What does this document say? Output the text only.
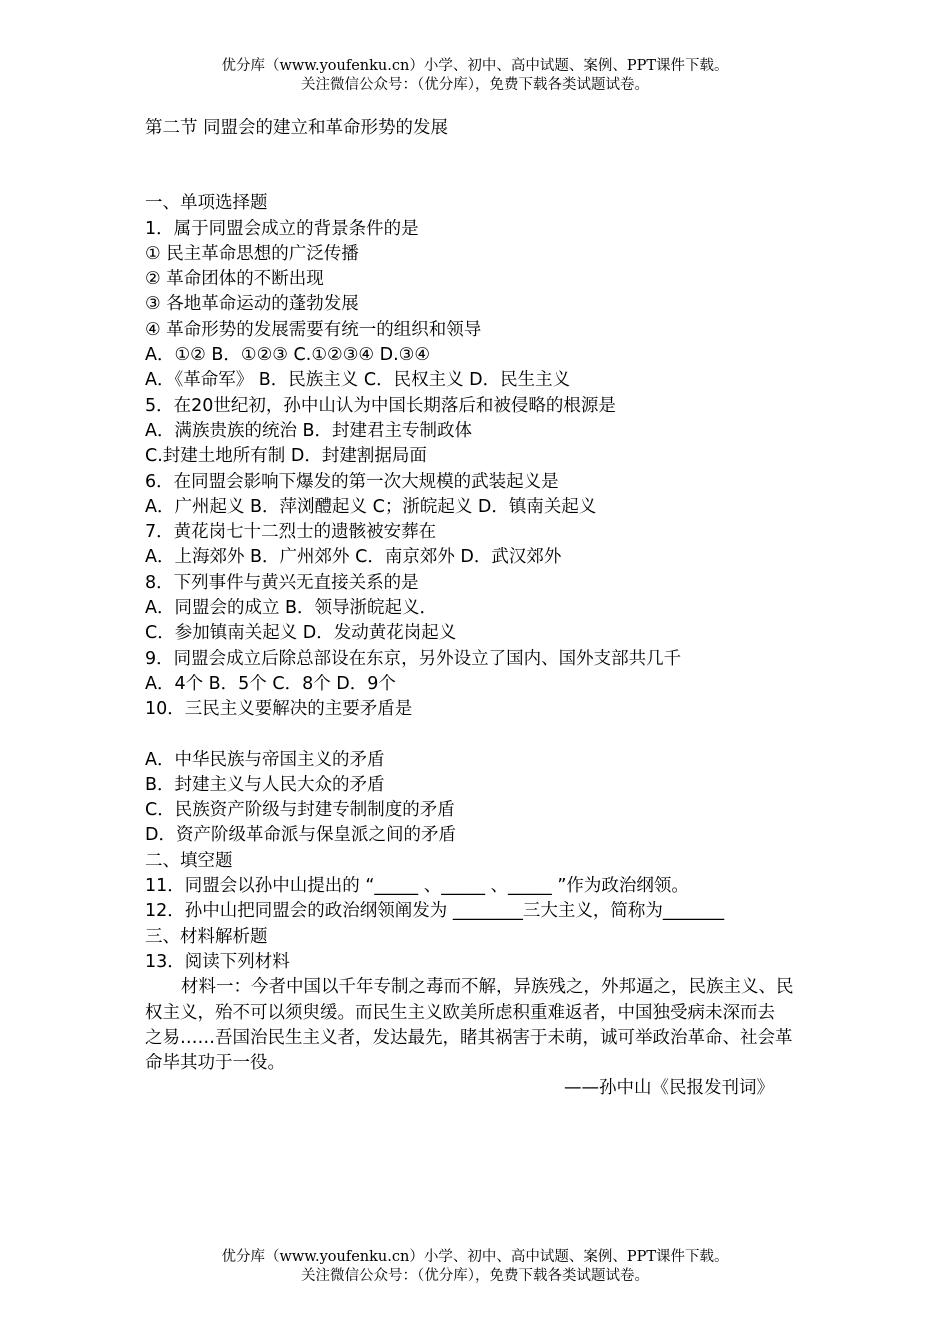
优分库（www.youfenku.cn）小学、初中、高中试题、案例、PPT课件下载。
关注微信公众号：（优分库），免费下载各类试题试卷。

第二节 同盟会的建立和革命形势的发展

一、单项选择题

1．属于同盟会成立的背景条件的是

① 民主革命思想的广泛传播

② 革命团体的不断出现

③ 各地革命运动的蓬勃发展

④ 革命形势的发展需要有统一的组织和领导

A．①② B．①②③ C.①②③④ D.③④

A．《革命军》 B．民族主义 C．民权主义 D．民生主义

5．在20世纪初，孙中山认为中国长期落后和被侵略的根源是

A．满族贵族的统治 B．封建君主专制政体

C.封建土地所有制 D．封建割据局面

6．在同盟会影响下爆发的第一次大规模的武装起义是

A．广州起义 B．萍浏醴起义 C；浙皖起义 D．镇南关起义

7．黄花岗七十二烈士的遗骸被安葬在

A．上海郊外 B．广州郊外 C．南京郊外 D．武汉郊外

8．下列事件与黄兴无直接关系的是

A．同盟会的成立 B．领导浙皖起义．

C．参加镇南关起义 D．发动黄花岗起义

9．同盟会成立后除总部设在东京，另外设立了国内、国外支部共几千

A．4个 B．5个 C．8个 D．9个

10．三民主义要解决的主要矛盾是

A．中华民族与帝国主义的矛盾

B．封建主义与人民大众的矛盾

C．民族资产阶级与封建专制制度的矛盾

D．资产阶级革命派与保皇派之间的矛盾

二、填空题

11．同盟会以孙中山提出的 “_____ 、_____ 、_____ ”作为政治纲领。

12．孙中山把同盟会的政治纲领阐发为 ________三大主义，简称为_______

三、材料解析题

13．阅读下列材料

材料一：今者中国以千年专制之毒而不解，异族残之，外邦逼之，民族主义、民

权主义，殆不可以须臾缓。而民生主义欧美所虑积重难返者，中国独受病未深而去

之易……吾国治民生主义者，发达最先，睹其祸害于未萌，诚可举政治革命、社会革

命毕其功于一役。

——孙中山《民报发刊词》

优分库（www.youfenku.cn）小学、初中、高中试题、案例、PPT课件下载。
关注微信公众号：（优分库），免费下载各类试题试卷。
